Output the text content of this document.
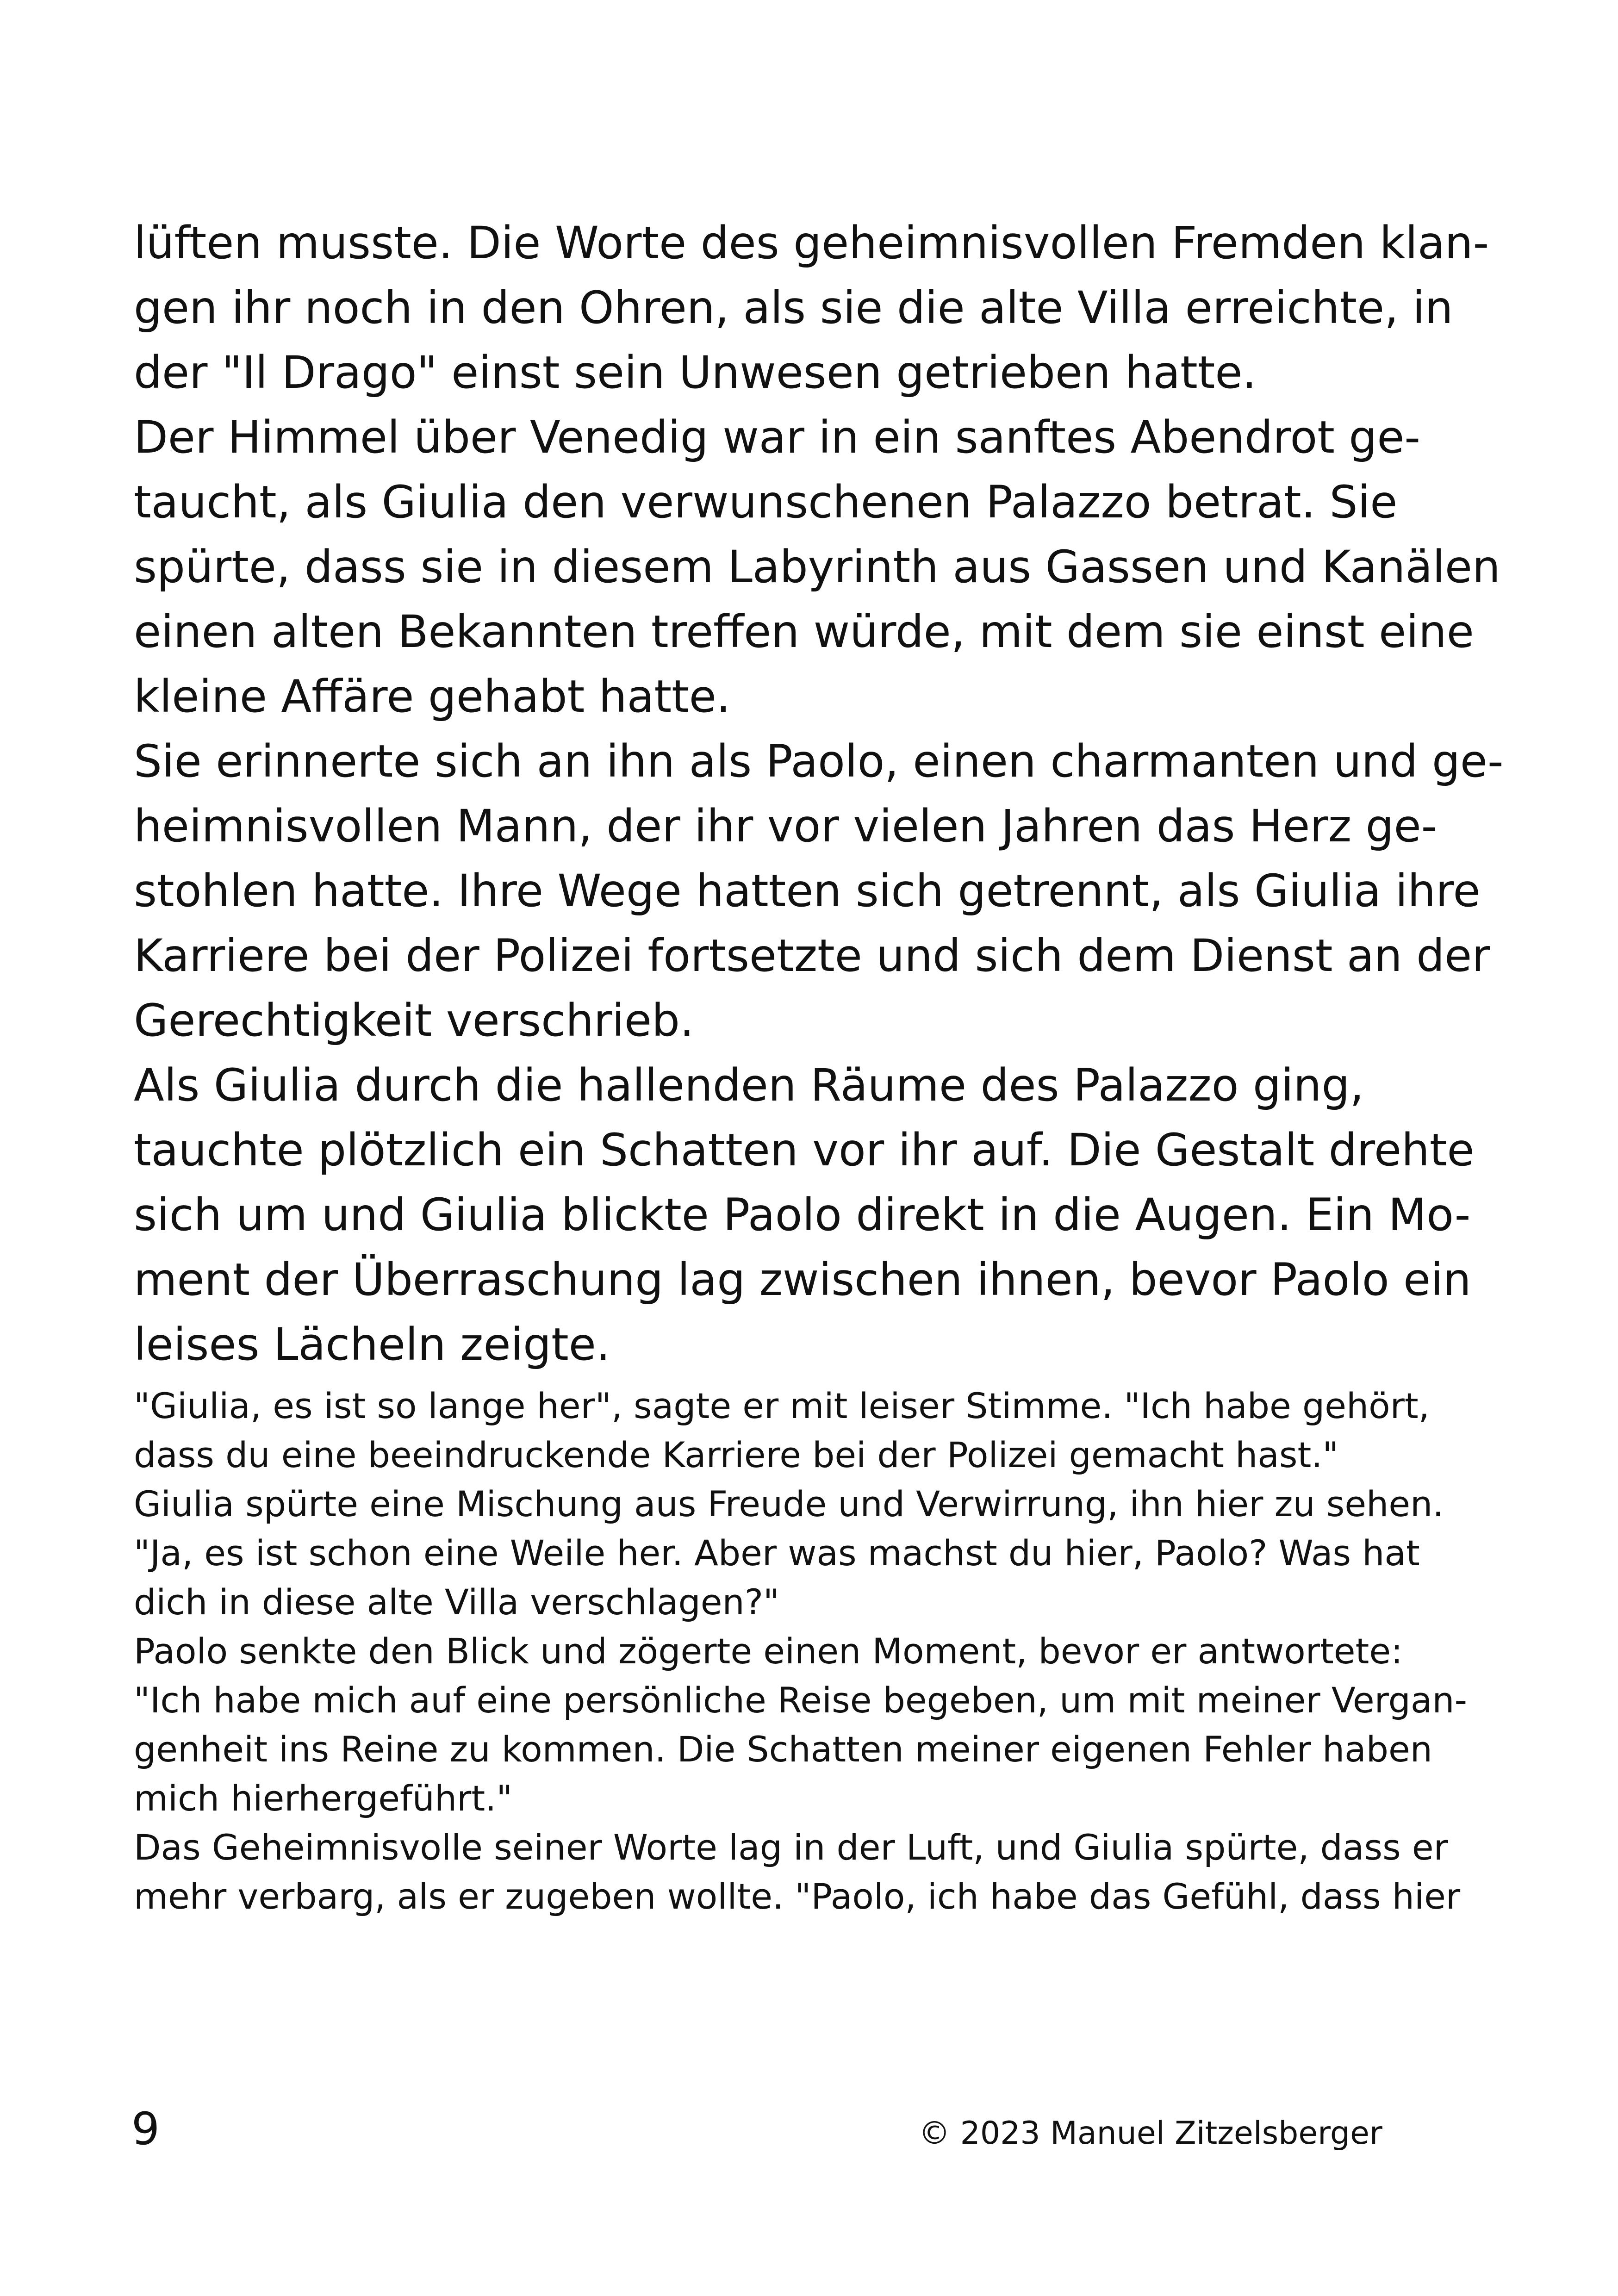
lüften musste. Die Worte des geheimnisvollen Fremden klan-

gen ihr noch in den Ohren, als sie die alte Villa erreichte, in

der "Il Drago" einst sein Unwesen getrieben hatte.

Der Himmel über Venedig war in ein sanftes Abendrot ge-

taucht, als Giulia den verwunschenen Palazzo betrat. Sie

spürte, dass sie in diesem Labyrinth aus Gassen und Kanälen

einen alten Bekannten treffen würde, mit dem sie einst eine

kleine Affäre gehabt hatte.

Sie erinnerte sich an ihn als Paolo, einen charmanten und ge-

heimnisvollen Mann, der ihr vor vielen Jahren das Herz ge-

stohlen hatte. Ihre Wege hatten sich getrennt, als Giulia ihre

Karriere bei der Polizei fortsetzte und sich dem Dienst an der

Gerechtigkeit verschrieb.

Als Giulia durch die hallenden Räume des Palazzo ging,

tauchte plötzlich ein Schatten vor ihr auf. Die Gestalt drehte

sich um und Giulia blickte Paolo direkt in die Augen. Ein Mo-

ment der Überraschung lag zwischen ihnen, bevor Paolo ein

leises Lächeln zeigte.

"Giulia, es ist so lange her", sagte er mit leiser Stimme. "Ich habe gehört,

dass du eine beeindruckende Karriere bei der Polizei gemacht hast."

Giulia spürte eine Mischung aus Freude und Verwirrung, ihn hier zu sehen.

"Ja, es ist schon eine Weile her. Aber was machst du hier, Paolo? Was hat

dich in diese alte Villa verschlagen?"

Paolo senkte den Blick und zögerte einen Moment, bevor er antwortete:

"Ich habe mich auf eine persönliche Reise begeben, um mit meiner Vergan-

genheit ins Reine zu kommen. Die Schatten meiner eigenen Fehler haben

mich hierhergeführt."

Das Geheimnisvolle seiner Worte lag in der Luft, und Giulia spürte, dass er

mehr verbarg, als er zugeben wollte. "Paolo, ich habe das Gefühl, dass hier

9	© 2023 Manuel Zitzelsberger
